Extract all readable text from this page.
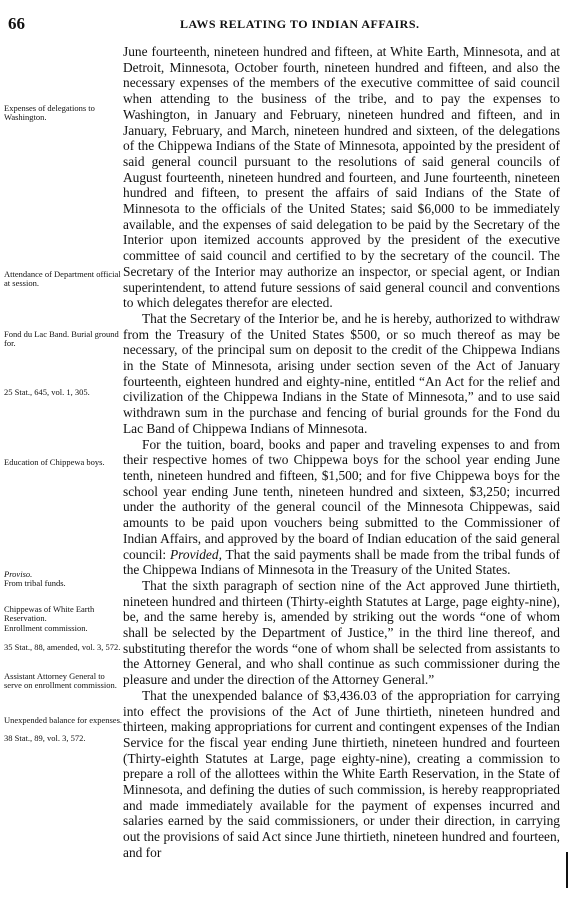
66	LAWS RELATING TO INDIAN AFFAIRS.
Expenses of delegations to Washington.
Attendance of Department official at session.
Fond du Lac Band. Burial ground for.
25 Stat., 645, vol. 1, 305.
Education of Chippewa boys.
Proviso.
From tribal funds.
Chippewas of White Earth Reservation.
Enrollment commission.
35 Stat., 88, amended, vol. 3, 572.
Assistant Attorney General to serve on enrollment commission.
Unexpended balance for expenses.
38 Stat., 89, vol. 3, 572.

June fourteenth, nineteen hundred and fifteen, at White Earth, Minnesota, and at Detroit, Minnesota, October fourth, nineteen hundred and fifteen, and also the necessary expenses of the members of the executive committee of said council when attending to the business of the tribe, and to pay the expenses to Washington, in January and February, nineteen hundred and fifteen, and in January, February, and March, nineteen hundred and sixteen, of the delegations of the Chippewa Indians of the State of Minnesota, appointed by the president of said general council pursuant to the resolutions of said general councils of August fourteenth, nineteen hundred and fourteen, and June fourteenth, nineteen hundred and fifteen, to present the affairs of said Indians of the State of Minnesota to the officials of the United States; said $6,000 to be immediately available, and the expenses of said delegation to be paid by the Secretary of the Interior upon itemized accounts approved by the president of the executive committee of said council and certified to by the secretary of the council. The Secretary of the Interior may authorize an inspector, or special agent, or Indian superintendent, to attend future sessions of said general council and conventions to which delegates therefor are elected.

That the Secretary of the Interior be, and he is hereby, authorized to withdraw from the Treasury of the United States $500, or so much thereof as may be necessary, of the principal sum on deposit to the credit of the Chippewa Indians in the State of Minnesota, arising under section seven of the Act of January fourteenth, eighteen hundred and eighty-nine, entitled “An Act for the relief and civilization of the Chippewa Indians in the State of Minnesota,” and to use said withdrawn sum in the purchase and fencing of burial grounds for the Fond du Lac Band of Chippewa Indians of Minnesota.

For the tuition, board, books and paper and traveling expenses to and from their respective homes of two Chippewa boys for the school year ending June tenth, nineteen hundred and fifteen, $1,500; and for five Chippewa boys for the school year ending June tenth, nineteen hundred and sixteen, $3,250; incurred under the authority of the general council of the Minnesota Chippewas, said amounts to be paid upon vouchers being submitted to the Commissioner of Indian Affairs, and approved by the board of Indian education of the said general council: Provided, That the said payments shall be made from the tribal funds of the Chippewa Indians of Minnesota in the Treasury of the United States.

That the sixth paragraph of section nine of the Act approved June thirtieth, nineteen hundred and thirteen (Thirty-eighth Statutes at Large, page eighty-nine), be, and the same hereby is, amended by striking out the words “one of whom shall be selected by the Department of Justice,” in the third line thereof, and substituting therefor the words “one of whom shall be selected from assistants to the Attorney General, and who shall continue as such commissioner during the pleasure and under the direction of the Attorney General.”

That the unexpended balance of $3,436.03 of the appropriation for carrying into effect the provisions of the Act of June thirtieth, nineteen hundred and thirteen, making appropriations for current and contingent expenses of the Indian Service for the fiscal year ending June thirtieth, nineteen hundred and fourteen (Thirty-eighth Statutes at Large, page eighty-nine), creating a commission to prepare a roll of the allottees within the White Earth Reservation, in the State of Minnesota, and defining the duties of such commission, is hereby reappropriated and made immediately available for the payment of expenses incurred and salaries earned by the said commissioners, or under their direction, in carrying out the provisions of said Act since June thirtieth, nineteen hundred and fourteen, and for
